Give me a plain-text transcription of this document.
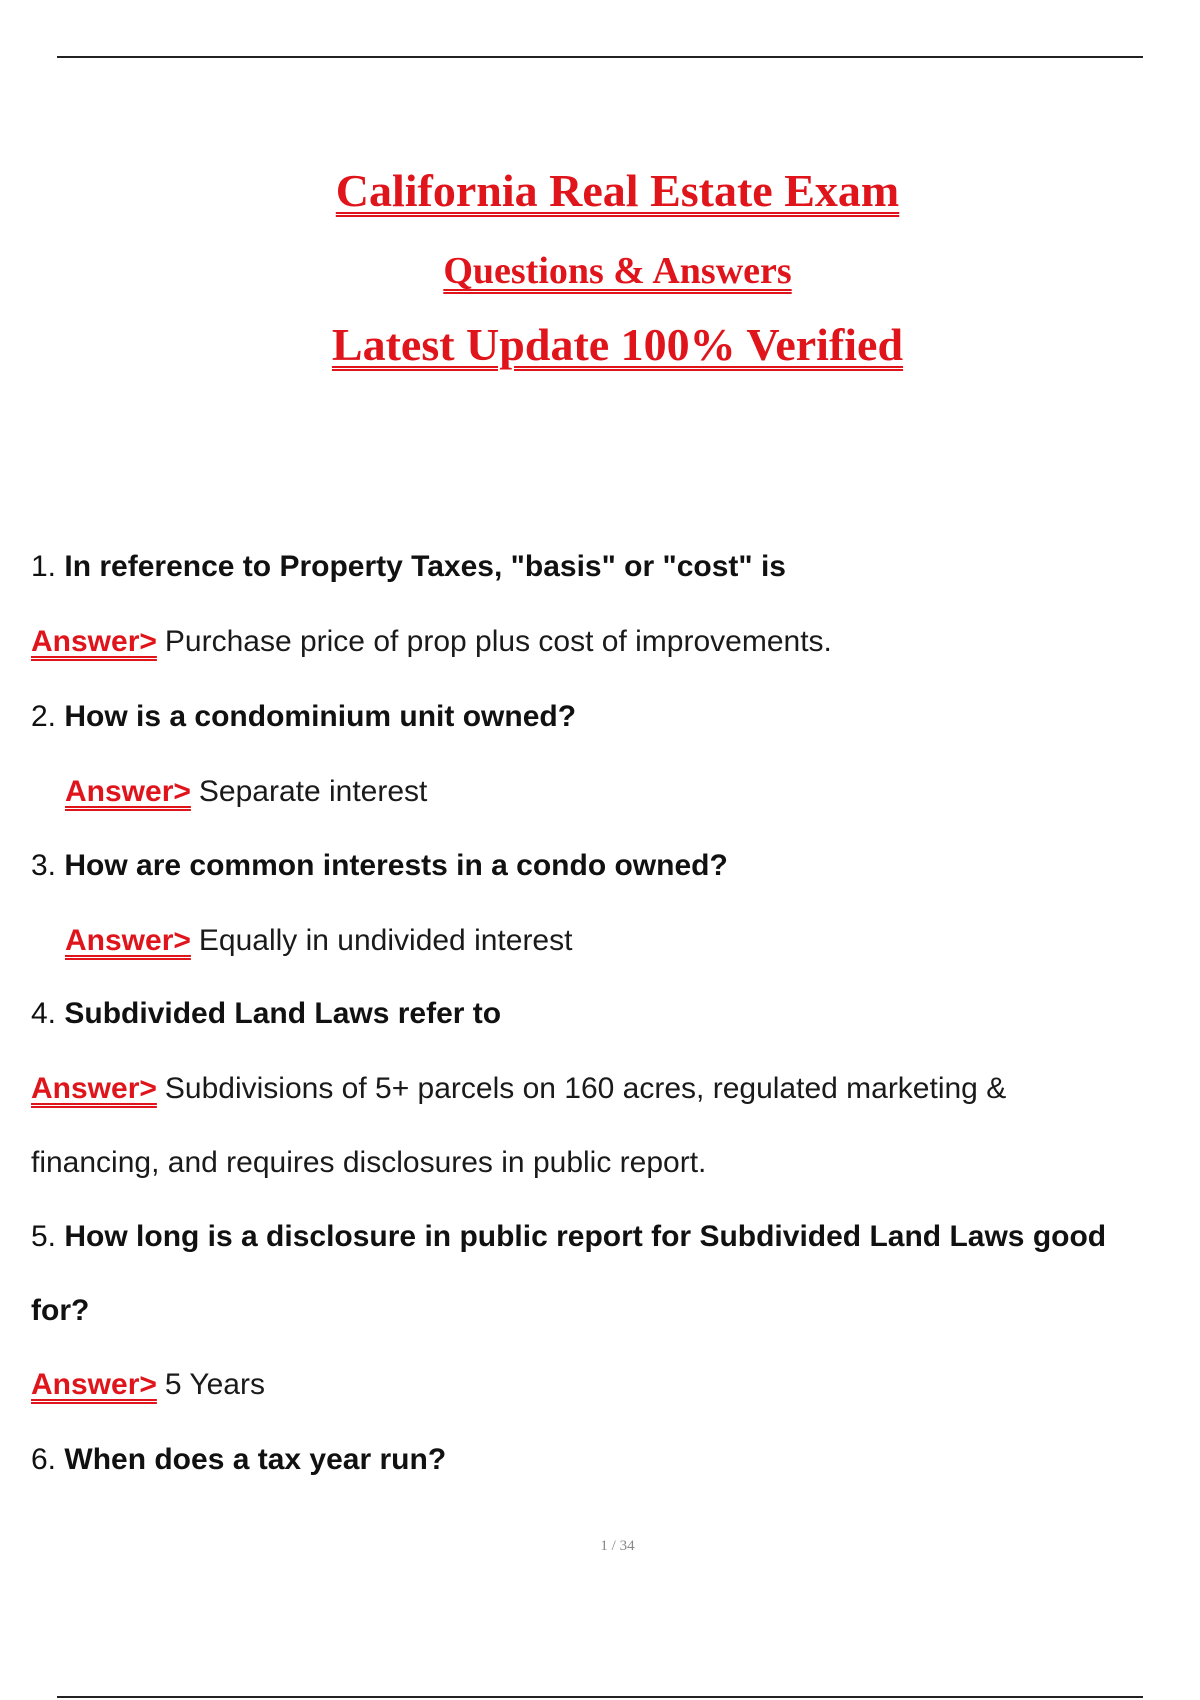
California Real Estate Exam
Questions & Answers
Latest Update 100% Verified
1. In reference to Property Taxes, "basis" or "cost" is
Answer> Purchase price of prop plus cost of improvements.
2. How is a condominium unit owned?
Answer> Separate interest
3. How are common interests in a condo owned?
Answer> Equally in undivided interest
4. Subdivided Land Laws refer to
Answer> Subdivisions of 5+ parcels on 160 acres, regulated marketing &
financing, and requires disclosures in public report.
5. How long is a disclosure in public report for Subdivided Land Laws good
for?
Answer> 5 Years
6. When does a tax year run?
1 / 34
